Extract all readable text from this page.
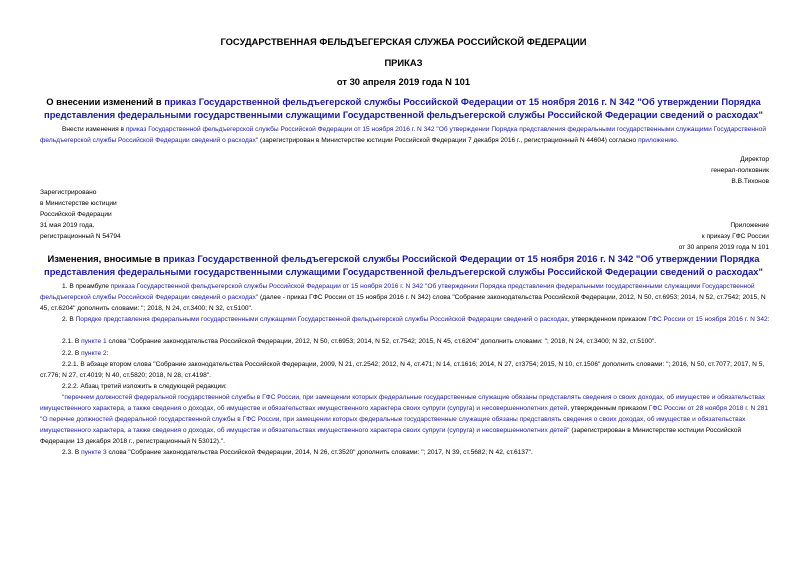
ГОСУДАРСТВЕННАЯ ФЕЛЬДЪЕГЕРСКАЯ СЛУЖБА РОССИЙСКОЙ ФЕДЕРАЦИИ
ПРИКАЗ
от 30 апреля 2019 года N 101
О внесении изменений в приказ Государственной фельдъегерской службы Российской Федерации от 15 ноября 2016 г. N 342 "Об утверждении Порядка представления федеральными государственными служащими Государственной фельдъегерской службы Российской Федерации сведений о расходах"

Внести изменения в приказ Государственной фельдъегерской службы Российской Федерации от 15 ноября 2016 г. N 342 "Об утверждении Порядка представления федеральными государственными служащими Государственной фельдъегерской службы Российской Федерации сведений о расходах" (зарегистрирован в Министерстве юстиции Российской Федерации 7 декабря 2016 г., регистрационный N 44604) согласно приложению.

Директор
генерал-полковник
В.В.Тихонов
Зарегистрировано
в Министерстве юстиции
Российской Федерации
31 мая 2019 года,
регистрационный N 54794
Приложение
к приказу ГФС России
от 30 апреля 2019 года N 101
Изменения, вносимые в приказ Государственной фельдъегерской службы Российской Федерации от 15 ноября 2016 г. N 342 "Об утверждении Порядка представления федеральными государственными служащими Государственной фельдъегерской службы Российской Федерации сведений о расходах"

1. В преамбуле приказа Государственной фельдъегерской службы Российской Федерации от 15 ноября 2016 г. N 342 "Об утверждении Порядка представления федеральными государственными служащими Государственной фельдъегерской службы Российской Федерации сведений о расходах" (далее - приказ ГФС России от 15 ноября 2016 г. N 342) слова "Собрание законодательства Российской Федерации, 2012, N 50, ст.6953; 2014, N 52, ст.7542; 2015, N 45, ст.6204" дополнить словами: "; 2018, N 24, ст.3400; N 32, ст.5100".

2. В Порядке представления федеральными государственными служащими Государственной фельдъегерской службы Российской Федерации сведений о расходах, утвержденном приказом ГФС России от 15 ноября 2016 г. N 342:

2.1. В пункте 1 слова "Собрание законодательства Российской Федерации, 2012, N 50, ст.6953; 2014, N 52, ст.7542; 2015, N 45, ст.6204" дополнить словами: "; 2018, N 24, ст.3400; N 32, ст.5100".

2.2. В пункте 2:

2.2.1. В абзаце втором слова "Собрание законодательства Российской Федерации, 2009, N 21, ст.2542; 2012, N 4, ст.471; N 14, ст.1616; 2014, N 27, ст3754; 2015, N 10, ст.1506" дополнить словами: "; 2016, N 50, ст.7077; 2017, N 5, ст.776; N 27, ст.4019; N 40, ст.5820; 2018, N 28, ст.4198".

2.2.2. Абзац третий изложить в следующей редакции:

"перечнем должностей федеральной государственной службы в ГФС России, при замещении которых федеральные государственные служащие обязаны представлять сведения о своих доходах, об имуществе и обязательствах имущественного характера, а также сведения о доходах, об имуществе и обязательствах имущественного характера своих супруги (супруга) и несовершеннолетних детей, утвержденным приказом ГФС России от 28 ноября 2018 г. N 281 "О перечне должностей федеральной государственной службы в ГФС России, при замещении которых федеральные государственные служащие обязаны представлять сведения о своих доходах, об имуществе и обязательствах имущественного характера, а также сведения о доходах, об имуществе и обязательствах имущественного характера своих супруги (супруга) и несовершеннолетних детей" (зарегистрирован в Министерстве юстиции Российской Федерации 13 декабря 2018 г., регистрационный N 53012).".

2.3. В пункте 3 слова "Собрание законодательства Российской Федерации, 2014, N 26, ст.3520" дополнить словами: "; 2017, N 39, ст.5682; N 42, ст.6137".
